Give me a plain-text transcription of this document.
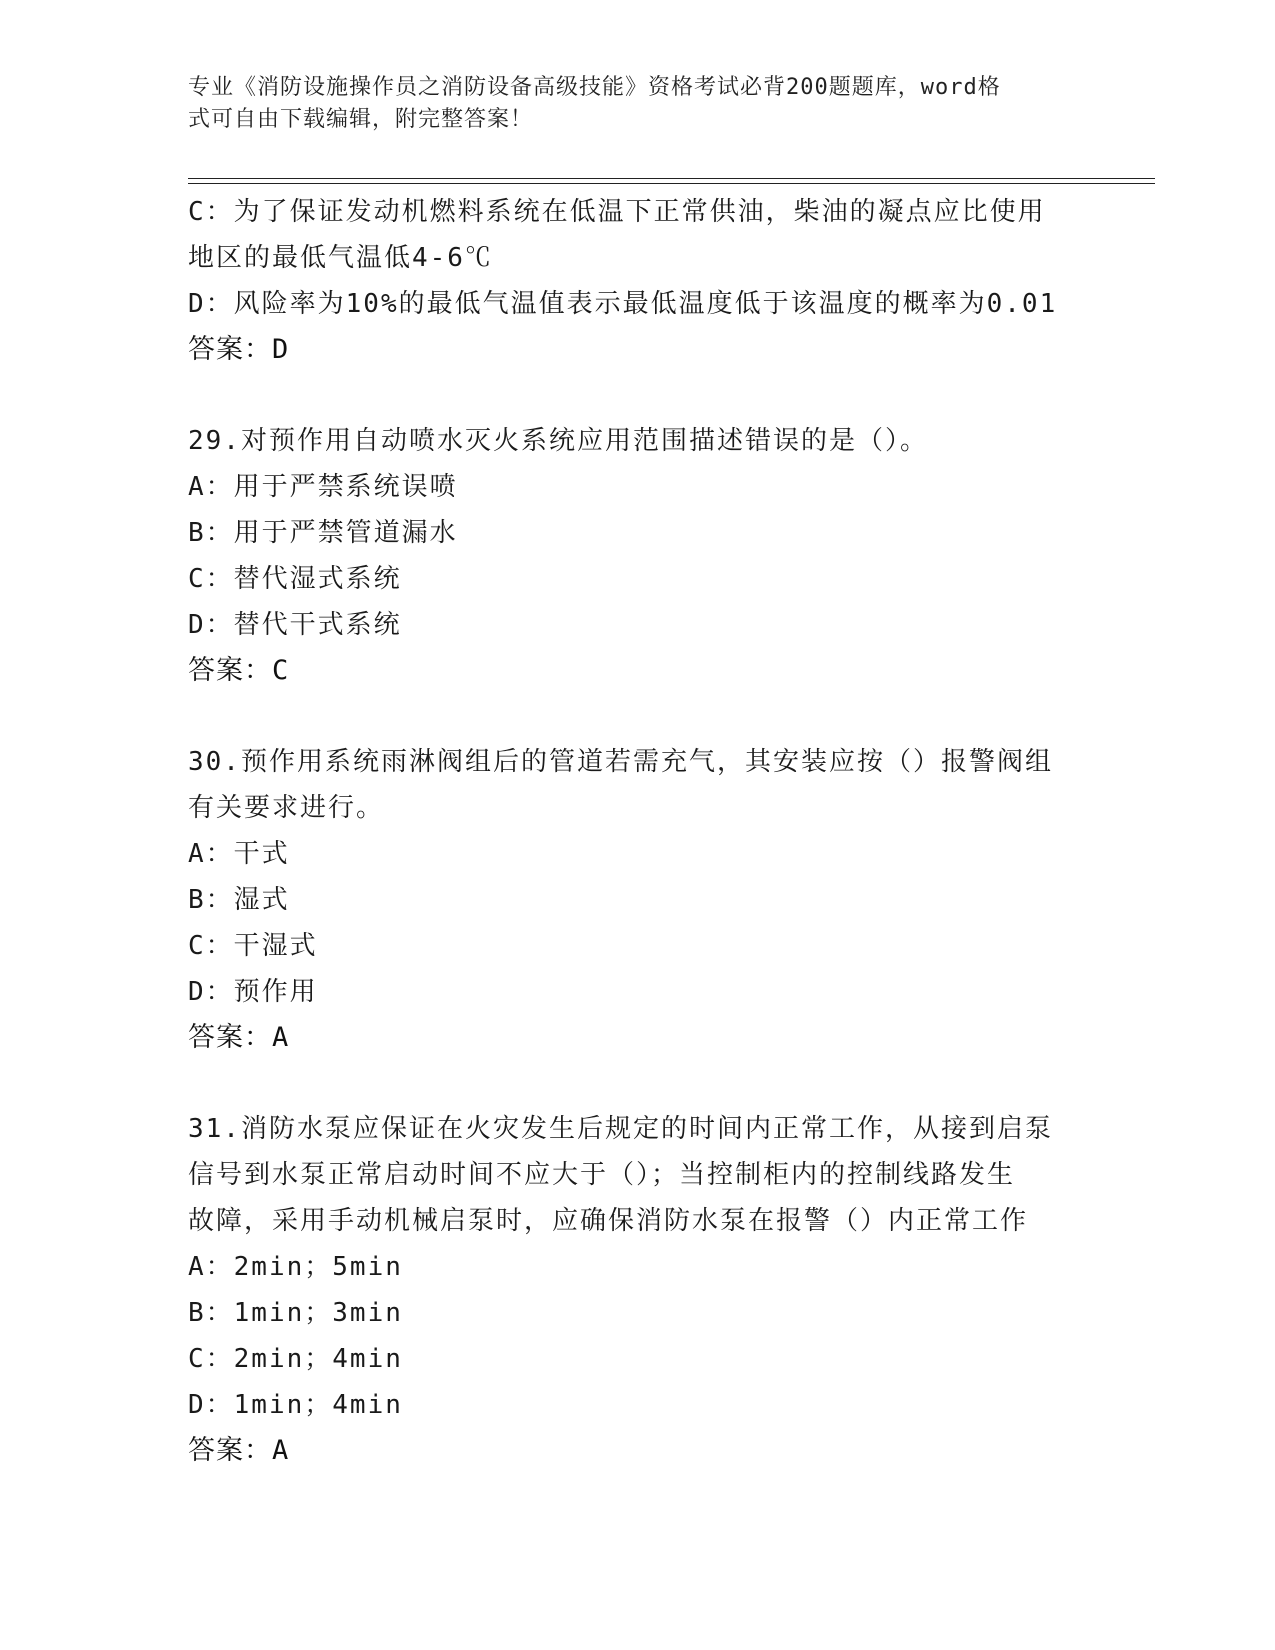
专业《消防设施操作员之消防设备高级技能》资格考试必背200题题库，word格
式可自由下载编辑，附完整答案！
C：为了保证发动机燃料系统在低温下正常供油，柴油的凝点应比使用
地区的最低气温低4-6℃
D：风险率为10%的最低气温值表示最低温度低于该温度的概率为0.01
答案：D
29.对预作用自动喷水灭火系统应用范围描述错误的是（）。
A：用于严禁系统误喷
B：用于严禁管道漏水
C：替代湿式系统
D：替代干式系统
答案：C
30.预作用系统雨淋阀组后的管道若需充气，其安装应按（）报警阀组
有关要求进行。
A：干式
B：湿式
C：干湿式
D：预作用
答案：A
31.消防水泵应保证在火灾发生后规定的时间内正常工作，从接到启泵
信号到水泵正常启动时间不应大于（）；当控制柜内的控制线路发生
故障，采用手动机械启泵时，应确保消防水泵在报警（）内正常工作
A：2min；5min
B：1min；3min
C：2min；4min
D：1min；4min
答案：A
